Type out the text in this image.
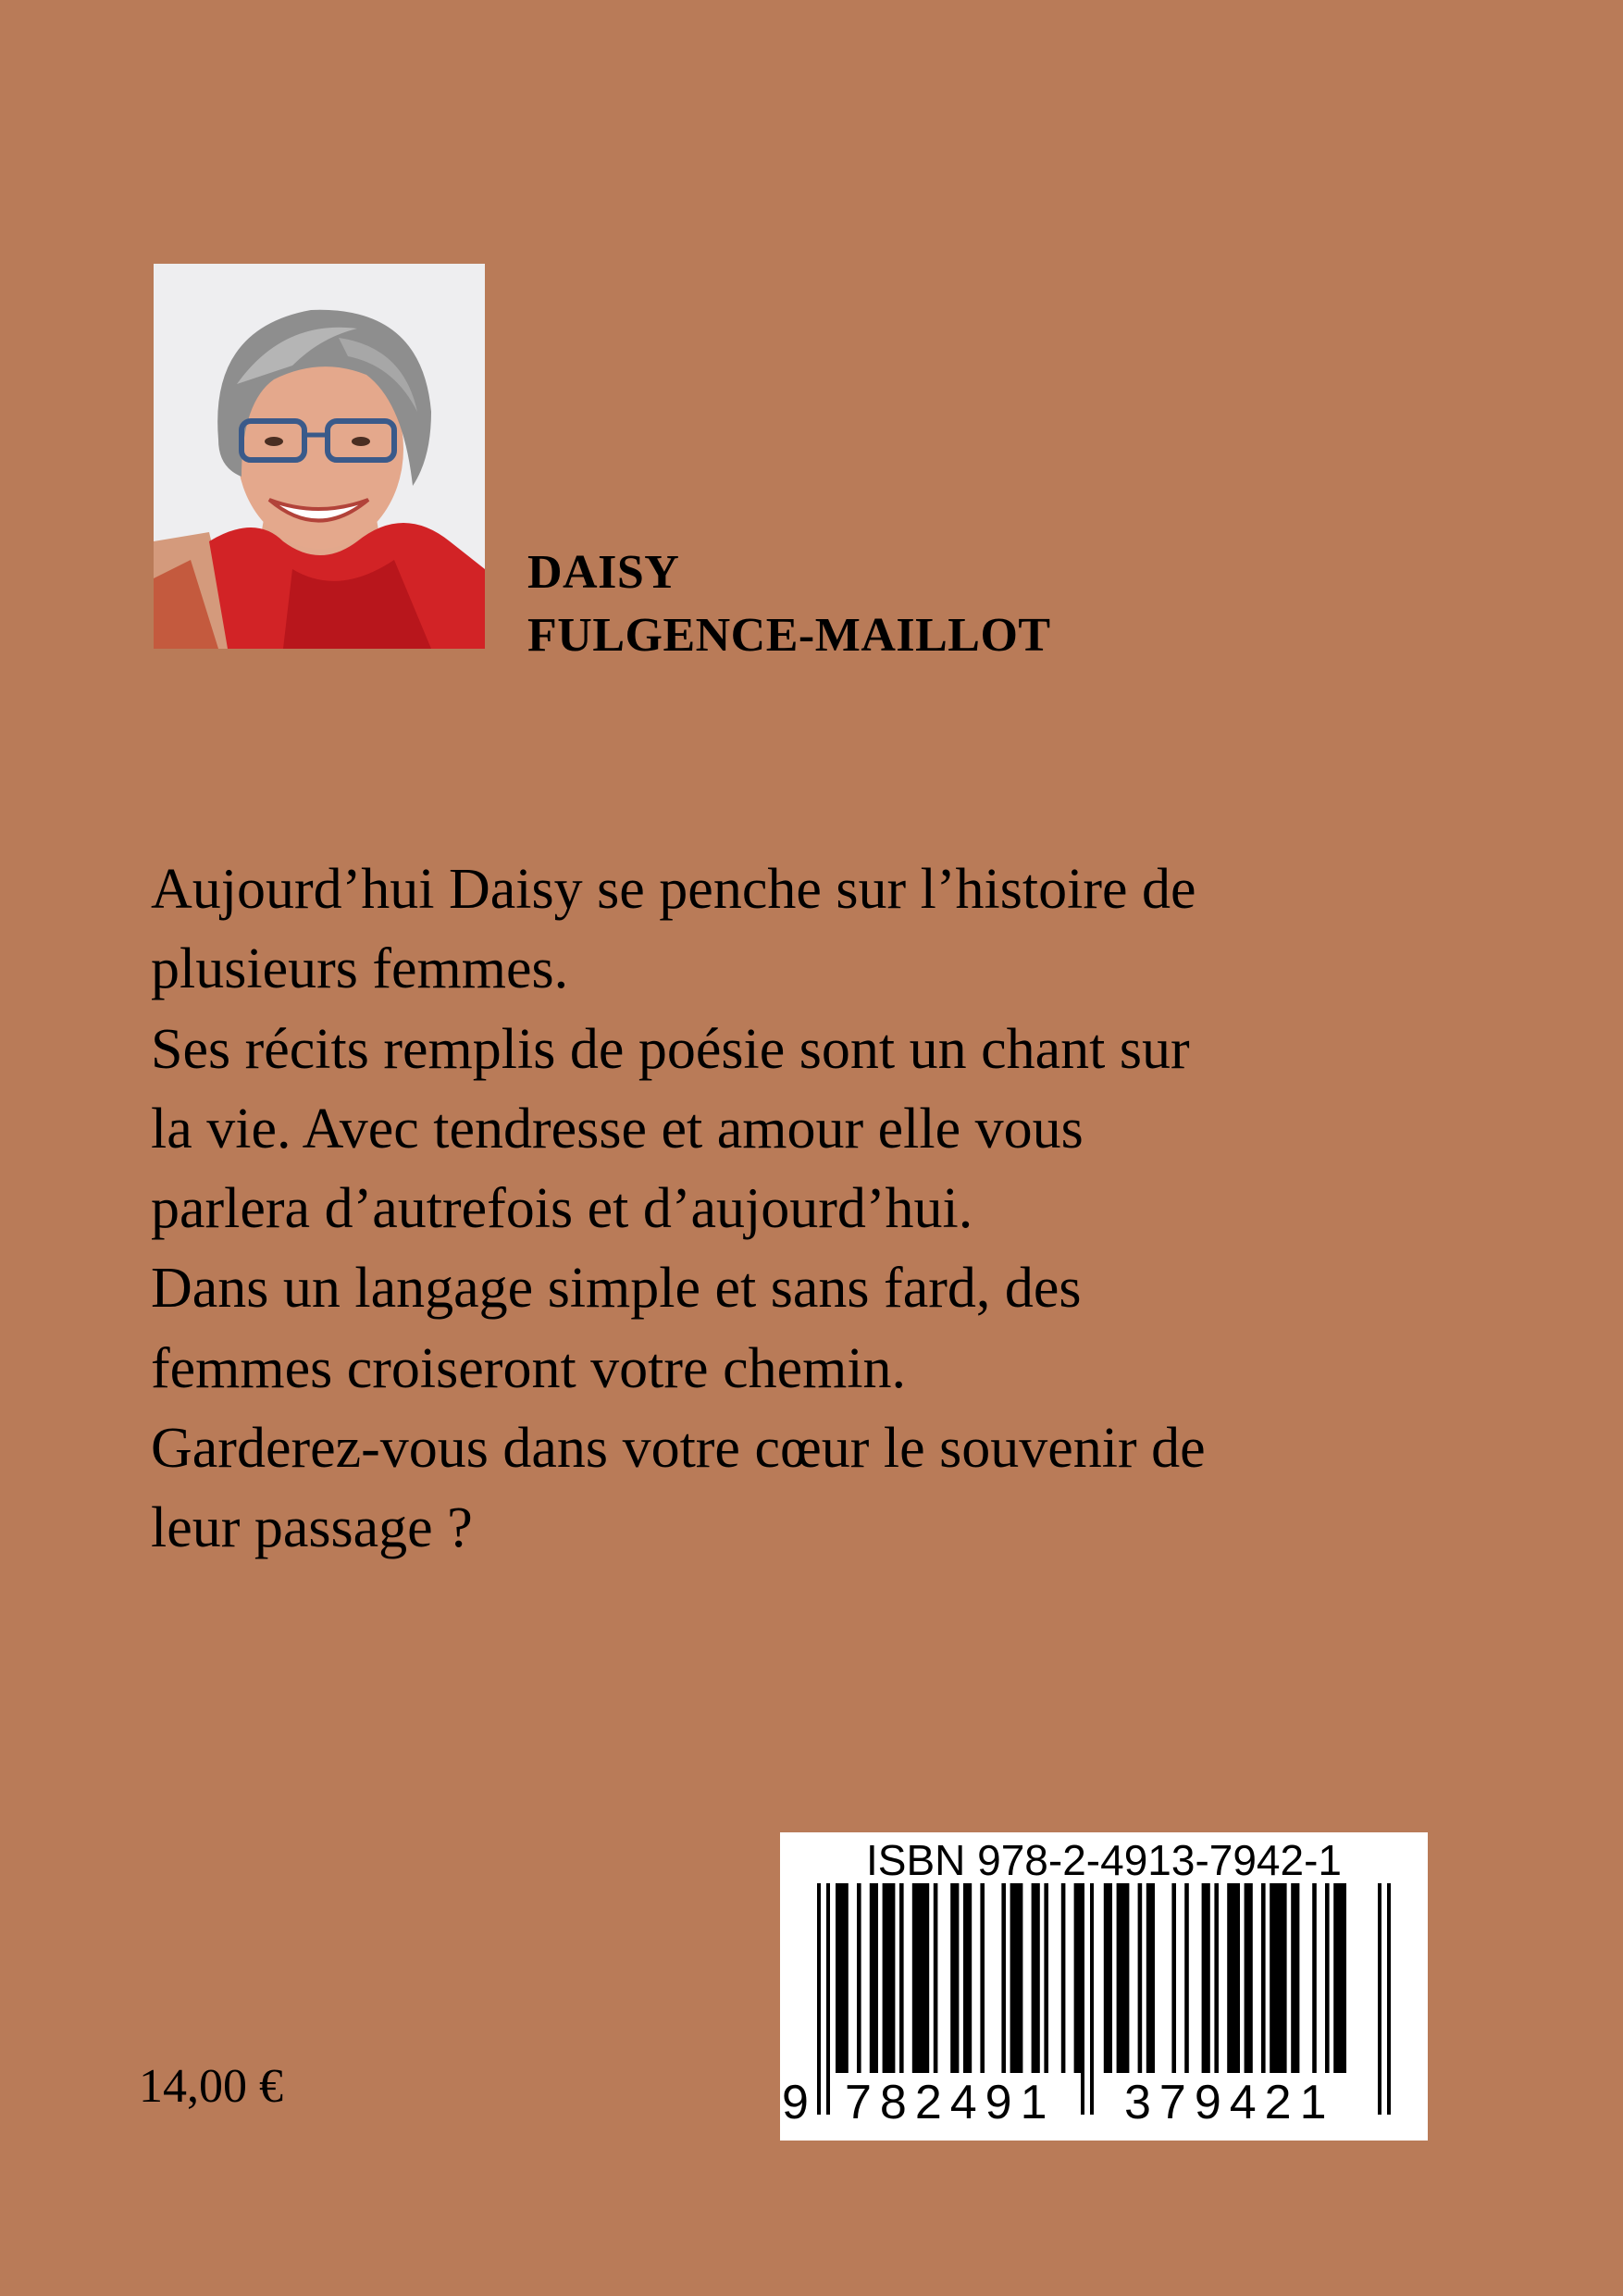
DAISY
FULGENCE-MAILLOT
Aujourd’hui Daisy se penche sur l’histoire de
plusieurs femmes.
Ses récits remplis de poésie sont un chant sur
la vie. Avec tendresse et amour elle vous
parlera d’autrefois et d’aujourd’hui.
Dans un langage simple et sans fard, des
femmes croiseront votre chemin.
Garderez-vous dans votre cœur le souvenir de
leur passage ?
14,00 €
ISBN 978-2-4913-7942-1
9 782491 379421
